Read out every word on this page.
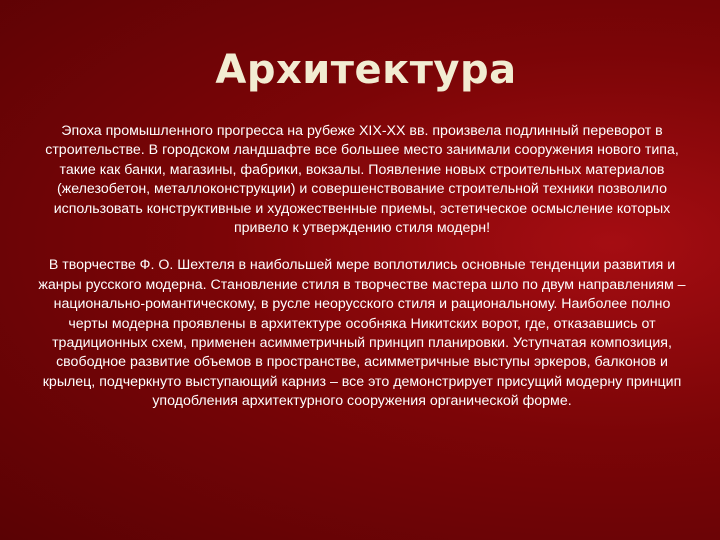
Архитектура

Эпоха промышленного прогресса на рубеже XIX-XX вв. произвела подлинный переворот в строительстве. В городском ландшафте все большее место занимали сооружения нового типа, такие как банки, магазины, фабрики, вокзалы. Появление новых строительных материалов (железобетон, металлоконструкции) и совершенствование строительной техники позволило использовать конструктивные и художественные приемы, эстетическое осмысление которых привело к утверждению стиля модерн!

В творчестве Ф. О. Шехтеля в наибольшей мере воплотились основные тенденции развития и жанры русского модерна. Становление стиля в творчестве мастера шло по двум направлениям – национально-романтическому, в русле неорусского стиля и рациональному. Наиболее полно черты модерна проявлены в архитектуре особняка Никитских ворот, где, отказавшись от традиционных схем, применен асимметричный принцип планировки. Уступчатая композиция, свободное развитие объемов в пространстве, асимметричные выступы эркеров, балконов и крылец, подчеркнуто выступающий карниз – все это демонстрирует присущий модерну принцип уподобления архитектурного сооружения органической форме.
